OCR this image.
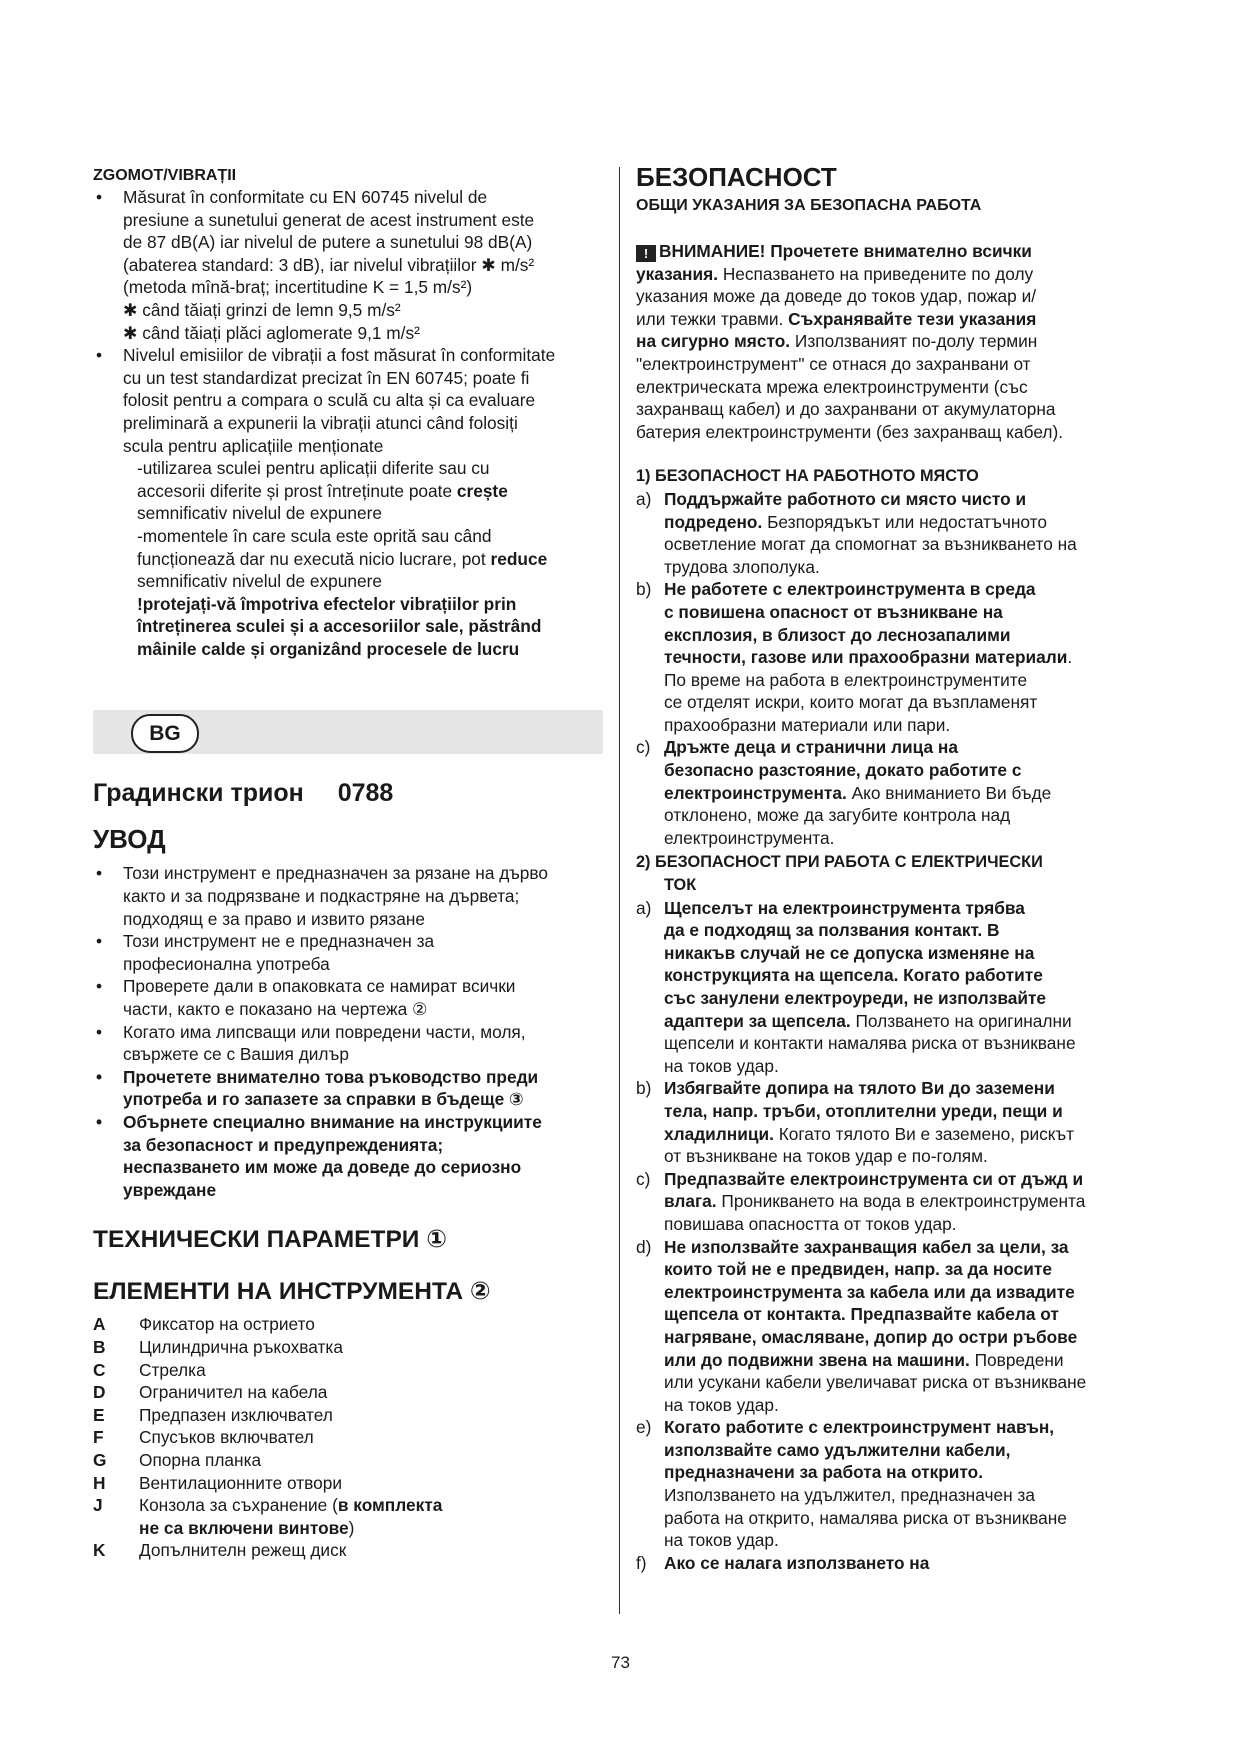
ZGOMOT/VIBRAȚII
• Măsurat în conformitate cu EN 60745 nivelul de
presiune a sunetului generat de acest instrument este
de 87 dB(A) iar nivelul de putere a sunetului 98 dB(A)
(abaterea standard: 3 dB), iar nivelul vibrațiilor ✱ m/s²
(metoda mînă-braț; incertitudine K = 1,5 m/s²)
✱ când tăiați grinzi de lemn 9,5 m/s²
✱ când tăiați plăci aglomerate 9,1 m/s²
• Nivelul emisiilor de vibrații a fost măsurat în conformitate
cu un test standardizat precizat în EN 60745; poate fi
folosit pentru a compara o sculă cu alta și ca evaluare
preliminară a expunerii la vibrații atunci când folosiți
scula pentru aplicațiile menționate
-utilizarea sculei pentru aplicații diferite sau cu
accesorii diferite și prost întreținute poate crește
semnificativ nivelul de expunere
-momentele în care scula este oprită sau când
funcționează dar nu execută nicio lucrare, pot reduce
semnificativ nivelul de expunere
!protejați-vă împotriva efectelor vibrațiilor prin
întreținerea sculei și a accesoriilor sale, păstrând
mâinile calde și organizând procesele de lucru
BG
Градински трион 0788
УВОД
• Този инструмент е предназначен за рязане на дърво
както и за подрязване и подкастряне на дървета;
подходящ е за право и извито рязане
• Този инструмент не е предназначен за
професионална употреба
• Проверете дали в опаковката се намират всички
части, както е показано на чертежа ②
• Когато има липсващи или повредени части, моля,
свържете се с Вашия дилър
• Прочетете внимателно това ръководство преди
употреба и го запазете за справки в бъдеще ③
• Обърнете специално внимание на инструкциите
за безопасност и предупрежденията;
неспазването им може да доведе до сериозно
увреждане
ТЕХНИЧЕСКИ ПАРАМЕТРИ ①
ЕЛЕМЕНТИ НА ИНСТРУМЕНТА ②
A	Фиксатор на острието
B	Цилиндрична ръкохватка
C	Стрелка
D	Ограничител на кабела
E	Предпазен изключвател
F	Спусъков включвател
G	Опорна планка
H	Вентилационните отвори
J	Конзола за съхранение (в комплекта
	не са включени винтове)
K	Допълнителн режещ диск
БЕЗОПАСНОСТ
ОБЩИ УКАЗАНИЯ ЗА БЕЗОПАСНА РАБОТА
! ВНИМАНИЕ! Прочетете внимателно всички
указания. Неспазването на приведените по долу
указания може да доведе до токов удар, пожар и/
или тежки травми. Съхранявайте тези указания
на сигурно място. Използваният по-долу термин
"електроинструмент" се отнася до захранвани от
електрическата мрежа електроинструменти (със
захранващ кабел) и до захранвани от акумулаторна
батерия електроинструменти (без захранващ кабел).
1) БЕЗОПАСНОСТ НА РАБОТНОТО МЯСТО
a) Поддържайте работното си място чисто и
подредено. Безпорядъкът или недостатъчното
осветление могат да спомогнат за възникването на
трудова злополука.
b) Не работете с електроинструмента в среда
с повишена опасност от възникване на
експлозия, в близост до леснозапалими
течности, газове или прахообразни материали.
По време на работа в електроинструментите
се отделят искри, които могат да възпламенят
прахообразни материали или пари.
c) Дръжте деца и странични лица на
безопасно разстояние, докато работите с
електроинструмента. Ако вниманието Ви бъде
отклонено, може да загубите контрола над
електроинструмента.
2) БЕЗОПАСНОСТ ПРИ РАБОТА С ЕЛЕКТРИЧЕСКИ
ТОК
a) Щепселът на електроинструмента трябва
да е подходящ за ползвания контакт. В
никакъв случай не се допуска изменяне на
конструкцията на щепсела. Когато работите
със занулени електроуреди, не използвайте
адаптери за щепсела. Ползването на оригинални
щепсели и контакти намалява риска от възникване
на токов удар.
b) Избягвайте допира на тялото Ви до заземени
тела, напр. тръби, отоплителни уреди, пещи и
хладилници. Когато тялото Ви е заземено, рискът
от възникване на токов удар е по-голям.
c) Предпазвайте електроинструмента си от дъжд и
влага. Проникването на вода в електроинструмента
повишава опасността от токов удар.
d) Не използвайте захранващия кабел за цели, за
които той не е предвиден, напр. за да носите
електроинструмента за кабела или да извадите
щепсела от контакта. Предпазвайте кабела от
нагряване, омасляване, допир до остри ръбове
или до подвижни звена на машини. Повредени
или усукани кабели увеличават риска от възникване
на токов удар.
e) Когато работите с електроинструмент навън,
използвайте само удължителни кабели,
предназначени за работа на открито.
Използването на удължител, предназначен за
работа на открито, намалява риска от възникване
на токов удар.
f) Ако се налага използването на
73
